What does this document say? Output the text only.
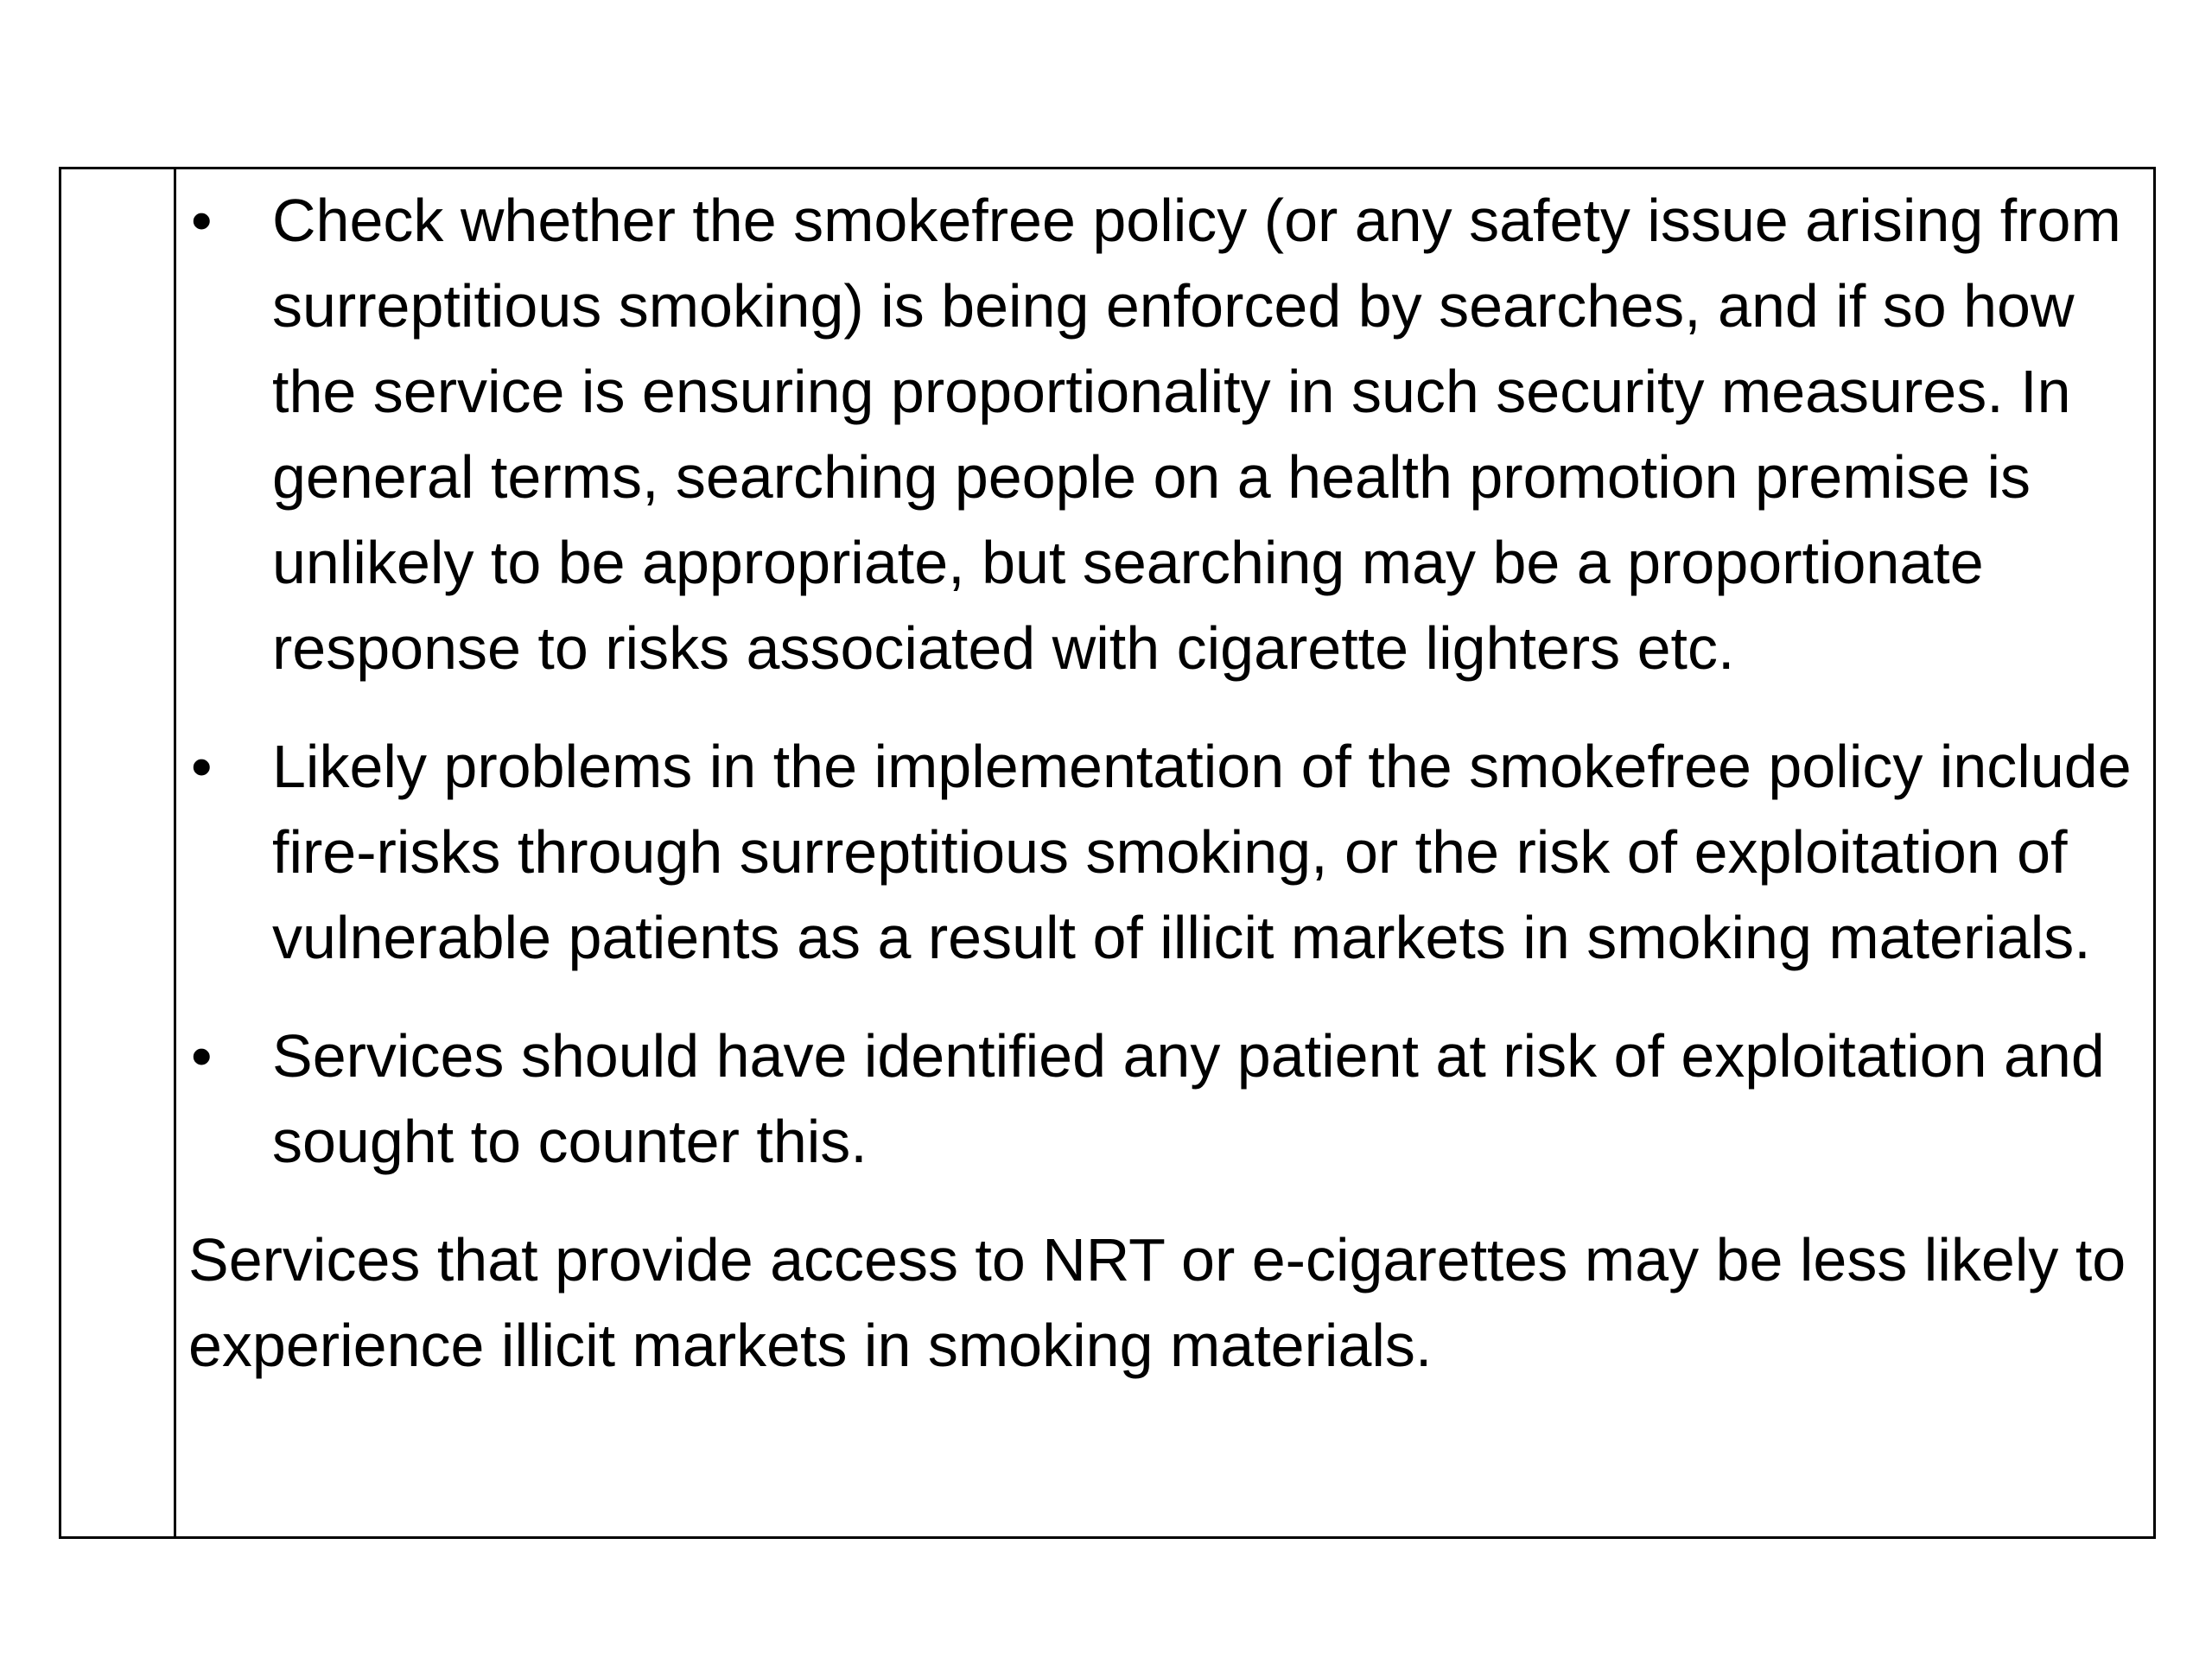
• Check whether the smokefree policy (or any safety issue arising from surreptitious smoking) is being enforced by searches, and if so how the service is ensuring proportionality in such security measures. In general terms, searching people on a health promotion premise is unlikely to be appropriate, but searching may be a proportionate response to risks associated with cigarette lighters etc.
• Likely problems in the implementation of the smokefree policy include fire-risks through surreptitious smoking, or the risk of exploitation of vulnerable patients as a result of illicit markets in smoking materials.
• Services should have identified any patient at risk of exploitation and sought to counter this.

Services that provide access to NRT or e-cigarettes may be less likely to experience illicit markets in smoking materials.
